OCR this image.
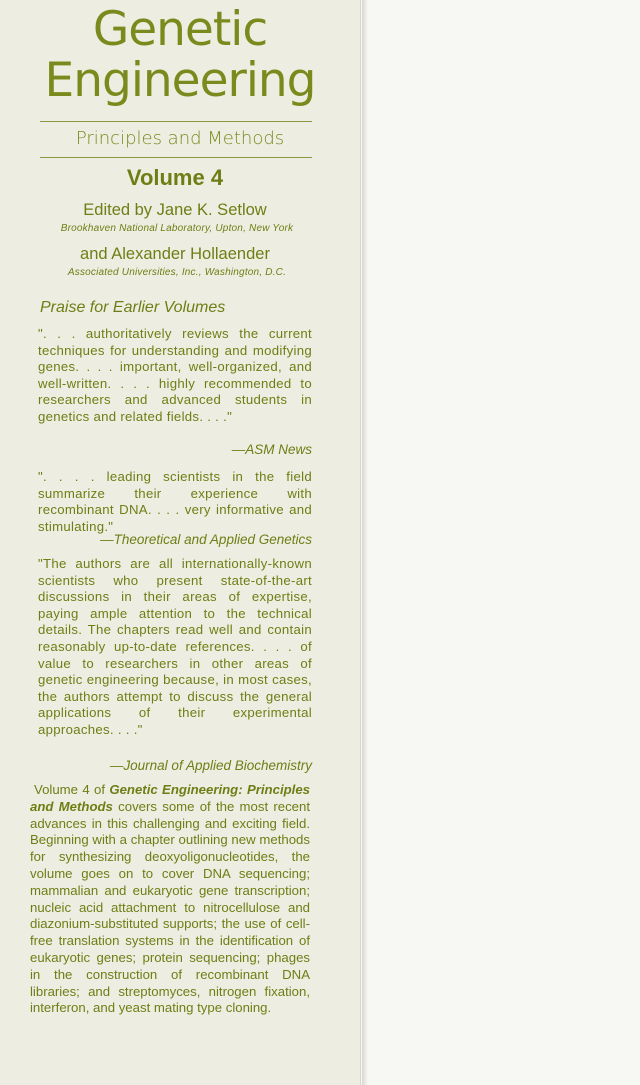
Genetic
Engineering
Principles and Methods
Volume 4
Edited by Jane K. Setlow
Brookhaven National Laboratory, Upton, New York
and Alexander Hollaender
Associated Universities, Inc., Washington, D.C.
Praise for Earlier Volumes
". . . authoritatively reviews the current techniques for understanding and modifying genes. . . . important, well-organized, and well-written. . . . highly recommended to researchers and advanced students in genetics and related fields. . . ."
—ASM News
". . . . leading scientists in the field summarize their experience with recombinant DNA. . . . very informative and stimulating."
—Theoretical and Applied Genetics
"The authors are all internationally-known scientists who present state-of-the-art discussions in their areas of expertise, paying ample attention to the technical details. The chapters read well and contain reasonably up-to-date references. . . . of value to researchers in other areas of genetic engineering because, in most cases, the authors attempt to discuss the general applications of their experimental approaches. . . ."
—Journal of Applied Biochemistry
Volume 4 of Genetic Engineering: Principles and Methods covers some of the most recent advances in this challenging and exciting field. Beginning with a chapter outlining new methods for synthesizing deoxyoligonucleotides, the volume goes on to cover DNA sequencing; mammalian and eukaryotic gene transcription; nucleic acid attachment to nitrocellulose and diazonium-substituted supports; the use of cell-free translation systems in the identification of eukaryotic genes; protein sequencing; phages in the construction of recombinant DNA libraries; and streptomyces, nitrogen fixation, interferon, and yeast mating type cloning.
